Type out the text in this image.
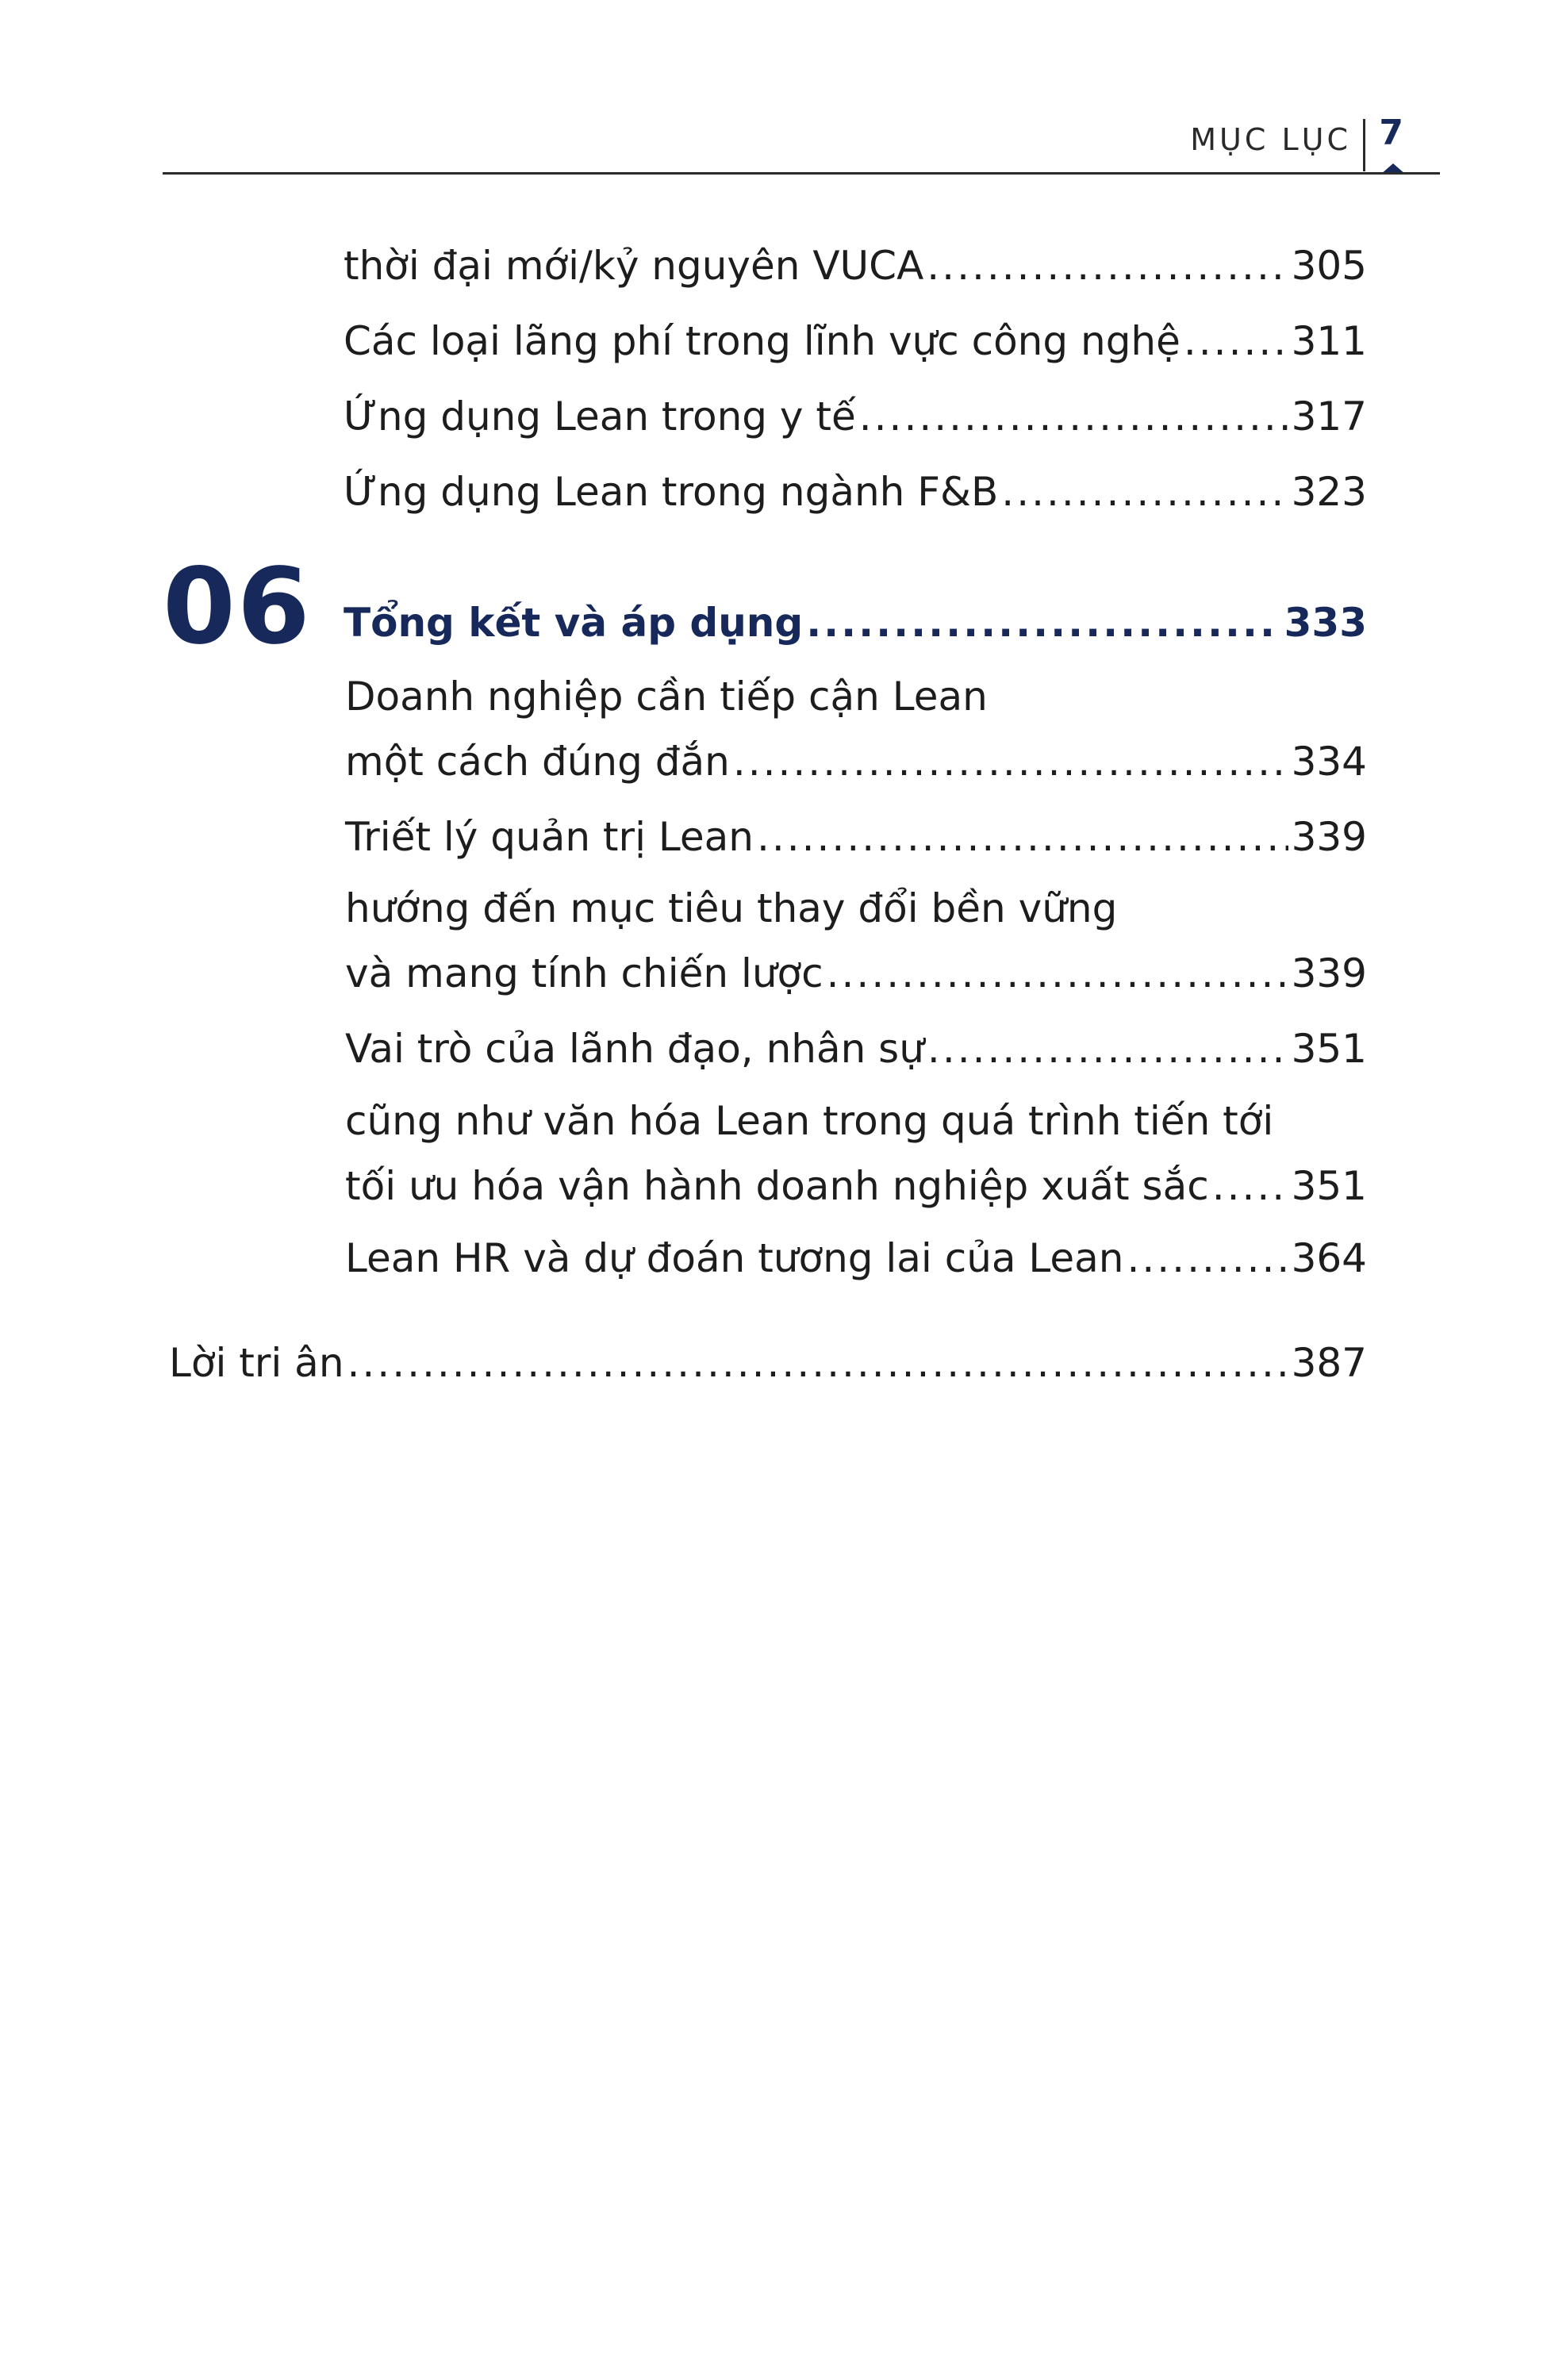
MỤC LỤC 7
thời đại mới/kỷ nguyên VUCA .....	305
Các loại lãng phí trong lĩnh vực công nghệ .....	311
Ứng dụng Lean trong y tế .....	317
Ứng dụng Lean trong ngành F&B .....	323
06 Tổng kết và áp dụng .....	333
Doanh nghiệp cần tiếp cận Lean
một cách đúng đắn .....	334
Triết lý quản trị Lean .....	339
hướng đến mục tiêu thay đổi bền vững
và mang tính chiến lược .....	339
Vai trò của lãnh đạo, nhân sự .....	351
cũng như văn hóa Lean trong quá trình tiến tới
tối ưu hóa vận hành doanh nghiệp xuất sắc ..... 351
Lean HR và dự đoán tương lai của Lean .....	364
Lời tri ân .....	387
